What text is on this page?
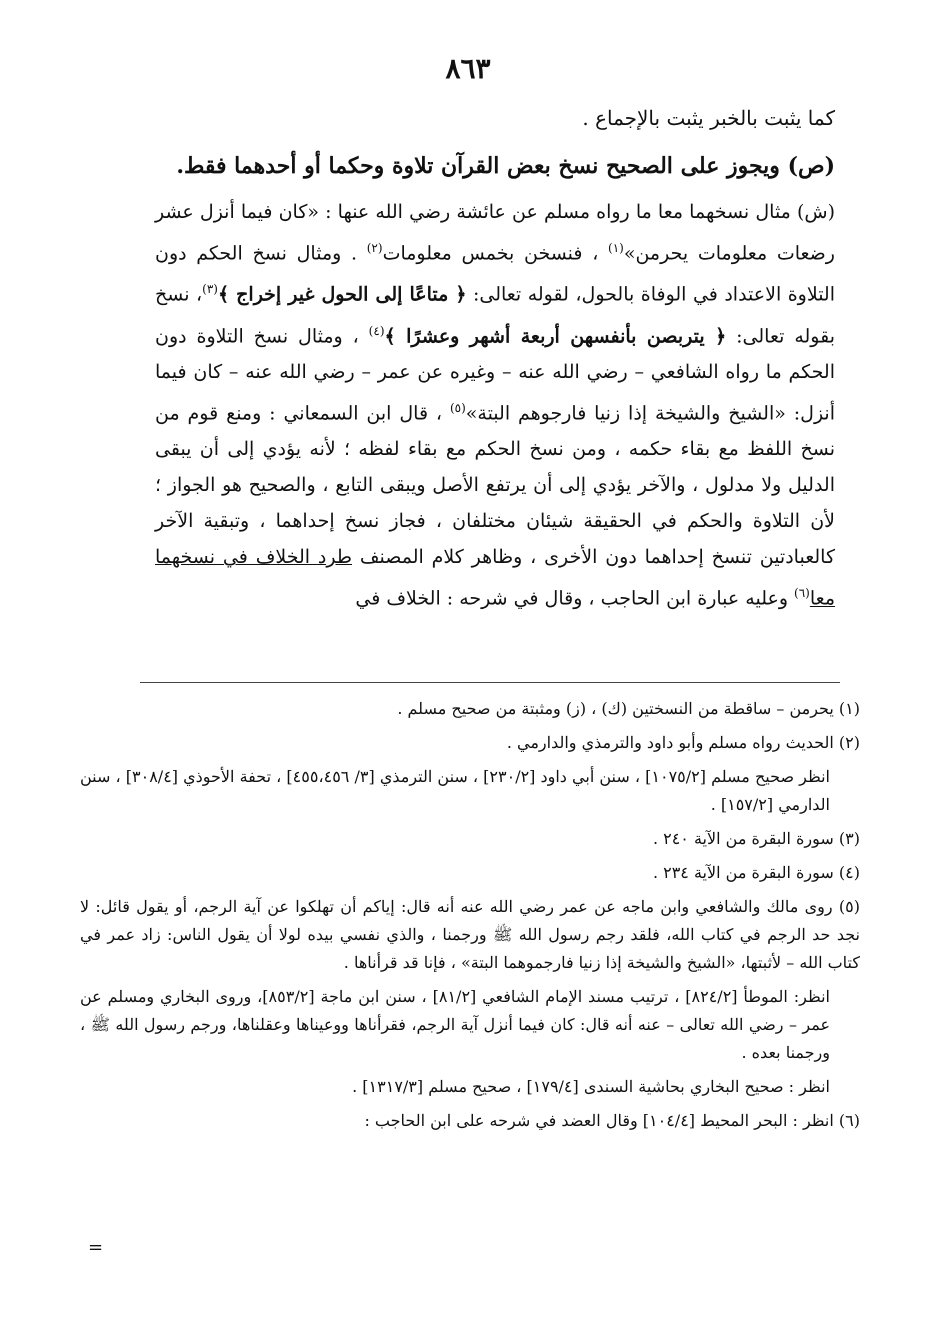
٨٦٣
كما يثبت بالخبر يثبت بالإجماع .
(ص) ويجوز على الصحيح نسخ بعض القرآن تلاوة وحكما أو أحدهما فقط.
(ش) مثال نسخهما معا ما رواه مسلم عن عائشة رضي الله عنها : «كان فيما أنزل عشر رضعات معلومات يحرمن»$^{(١)}$ ، فنسخن بخمس معلومات$^{(٢)}$ . ومثال نسخ الحكم دون التلاوة الاعتداد في الوفاة بالحول، لقوله تعالى: ﴿ متاعًا إلى الحول غير إخراج ﴾$^{(٣)}$، نسخ بقوله تعالى: ﴿ يتربصن بأنفسهن أربعة أشهر وعشرًا ﴾$^{(٤)}$ ، ومثال نسخ التلاوة دون الحكم ما رواه الشافعي – رضي الله عنه – وغيره عن عمر – رضي الله عنه – كان فيما أنزل: «الشيخ والشيخة إذا زنيا فارجوهم البتة»$^{(٥)}$ ، قال ابن السمعاني : ومنع قوم من نسخ اللفظ مع بقاء حكمه ، ومن نسخ الحكم مع بقاء لفظه ؛ لأنه يؤدي إلى أن يبقى الدليل ولا مدلول ، والآخر يؤدي إلى أن يرتفع الأصل ويبقى التابع ، والصحيح هو الجواز ؛ لأن التلاوة والحكم في الحقيقة شيئان مختلفان ، فجاز نسخ إحداهما ، وتبقية الآخر كالعبادتين تنسخ إحداهما دون الأخرى ، وظاهر كلام المصنف طرد الخلاف في نسخهما معا$^{(٦)}$ وعليه عبارة ابن الحاجب ، وقال في شرحه : الخلاف في
(١) يحرمن – ساقطة من النسختين (ك) ، (ز) ومثبتة من صحيح مسلم .
(٢) الحديث رواه مسلم وأبو داود والترمذي والدارمي .
انظر صحيح مسلم [١٠٧٥/٢] ، سنن أبي داود [٢٣٠/٢] ، سنن الترمذي [٣/ ٤٥٥،٤٥٦] ، تحفة الأحوذي [٣٠٨/٤] ، سنن الدارمي [١٥٧/٢] .
(٣) سورة البقرة من الآية ٢٤٠ .
(٤) سورة البقرة من الآية ٢٣٤ .
(٥) روى مالك والشافعي وابن ماجه عن عمر رضي الله عنه أنه قال: إياكم أن تهلكوا عن آية الرجم، أو يقول قائل: لا نجد حد الرجم في كتاب الله، فلقد رجم رسول الله ﷺ ورجمنا ، والذي نفسي بيده لولا أن يقول الناس: زاد عمر في كتاب الله – لأثبتها، «الشيخ والشيخة إذا زنيا فارجموهما البتة» ، فإنا قد قرأناها .
انظر: الموطأ [٨٢٤/٢] ، ترتيب مسند الإمام الشافعي [٨١/٢] ، سنن ابن ماجة [٨٥٣/٢]، وروى البخاري ومسلم عن عمر – رضي الله تعالى – عنه أنه قال: كان فيما أنزل آية الرجم، فقرأناها ووعيناها وعقلناها، ورجم رسول الله ﷺ ، ورجمنا بعده .
انظر : صحيح البخاري بحاشية السندى [١٧٩/٤] ، صحيح مسلم [١٣١٧/٣] .
(٦) انظر : البحر المحيط [١٠٤/٤] وقال العضد في شرحه على ابن الحاجب :
=
